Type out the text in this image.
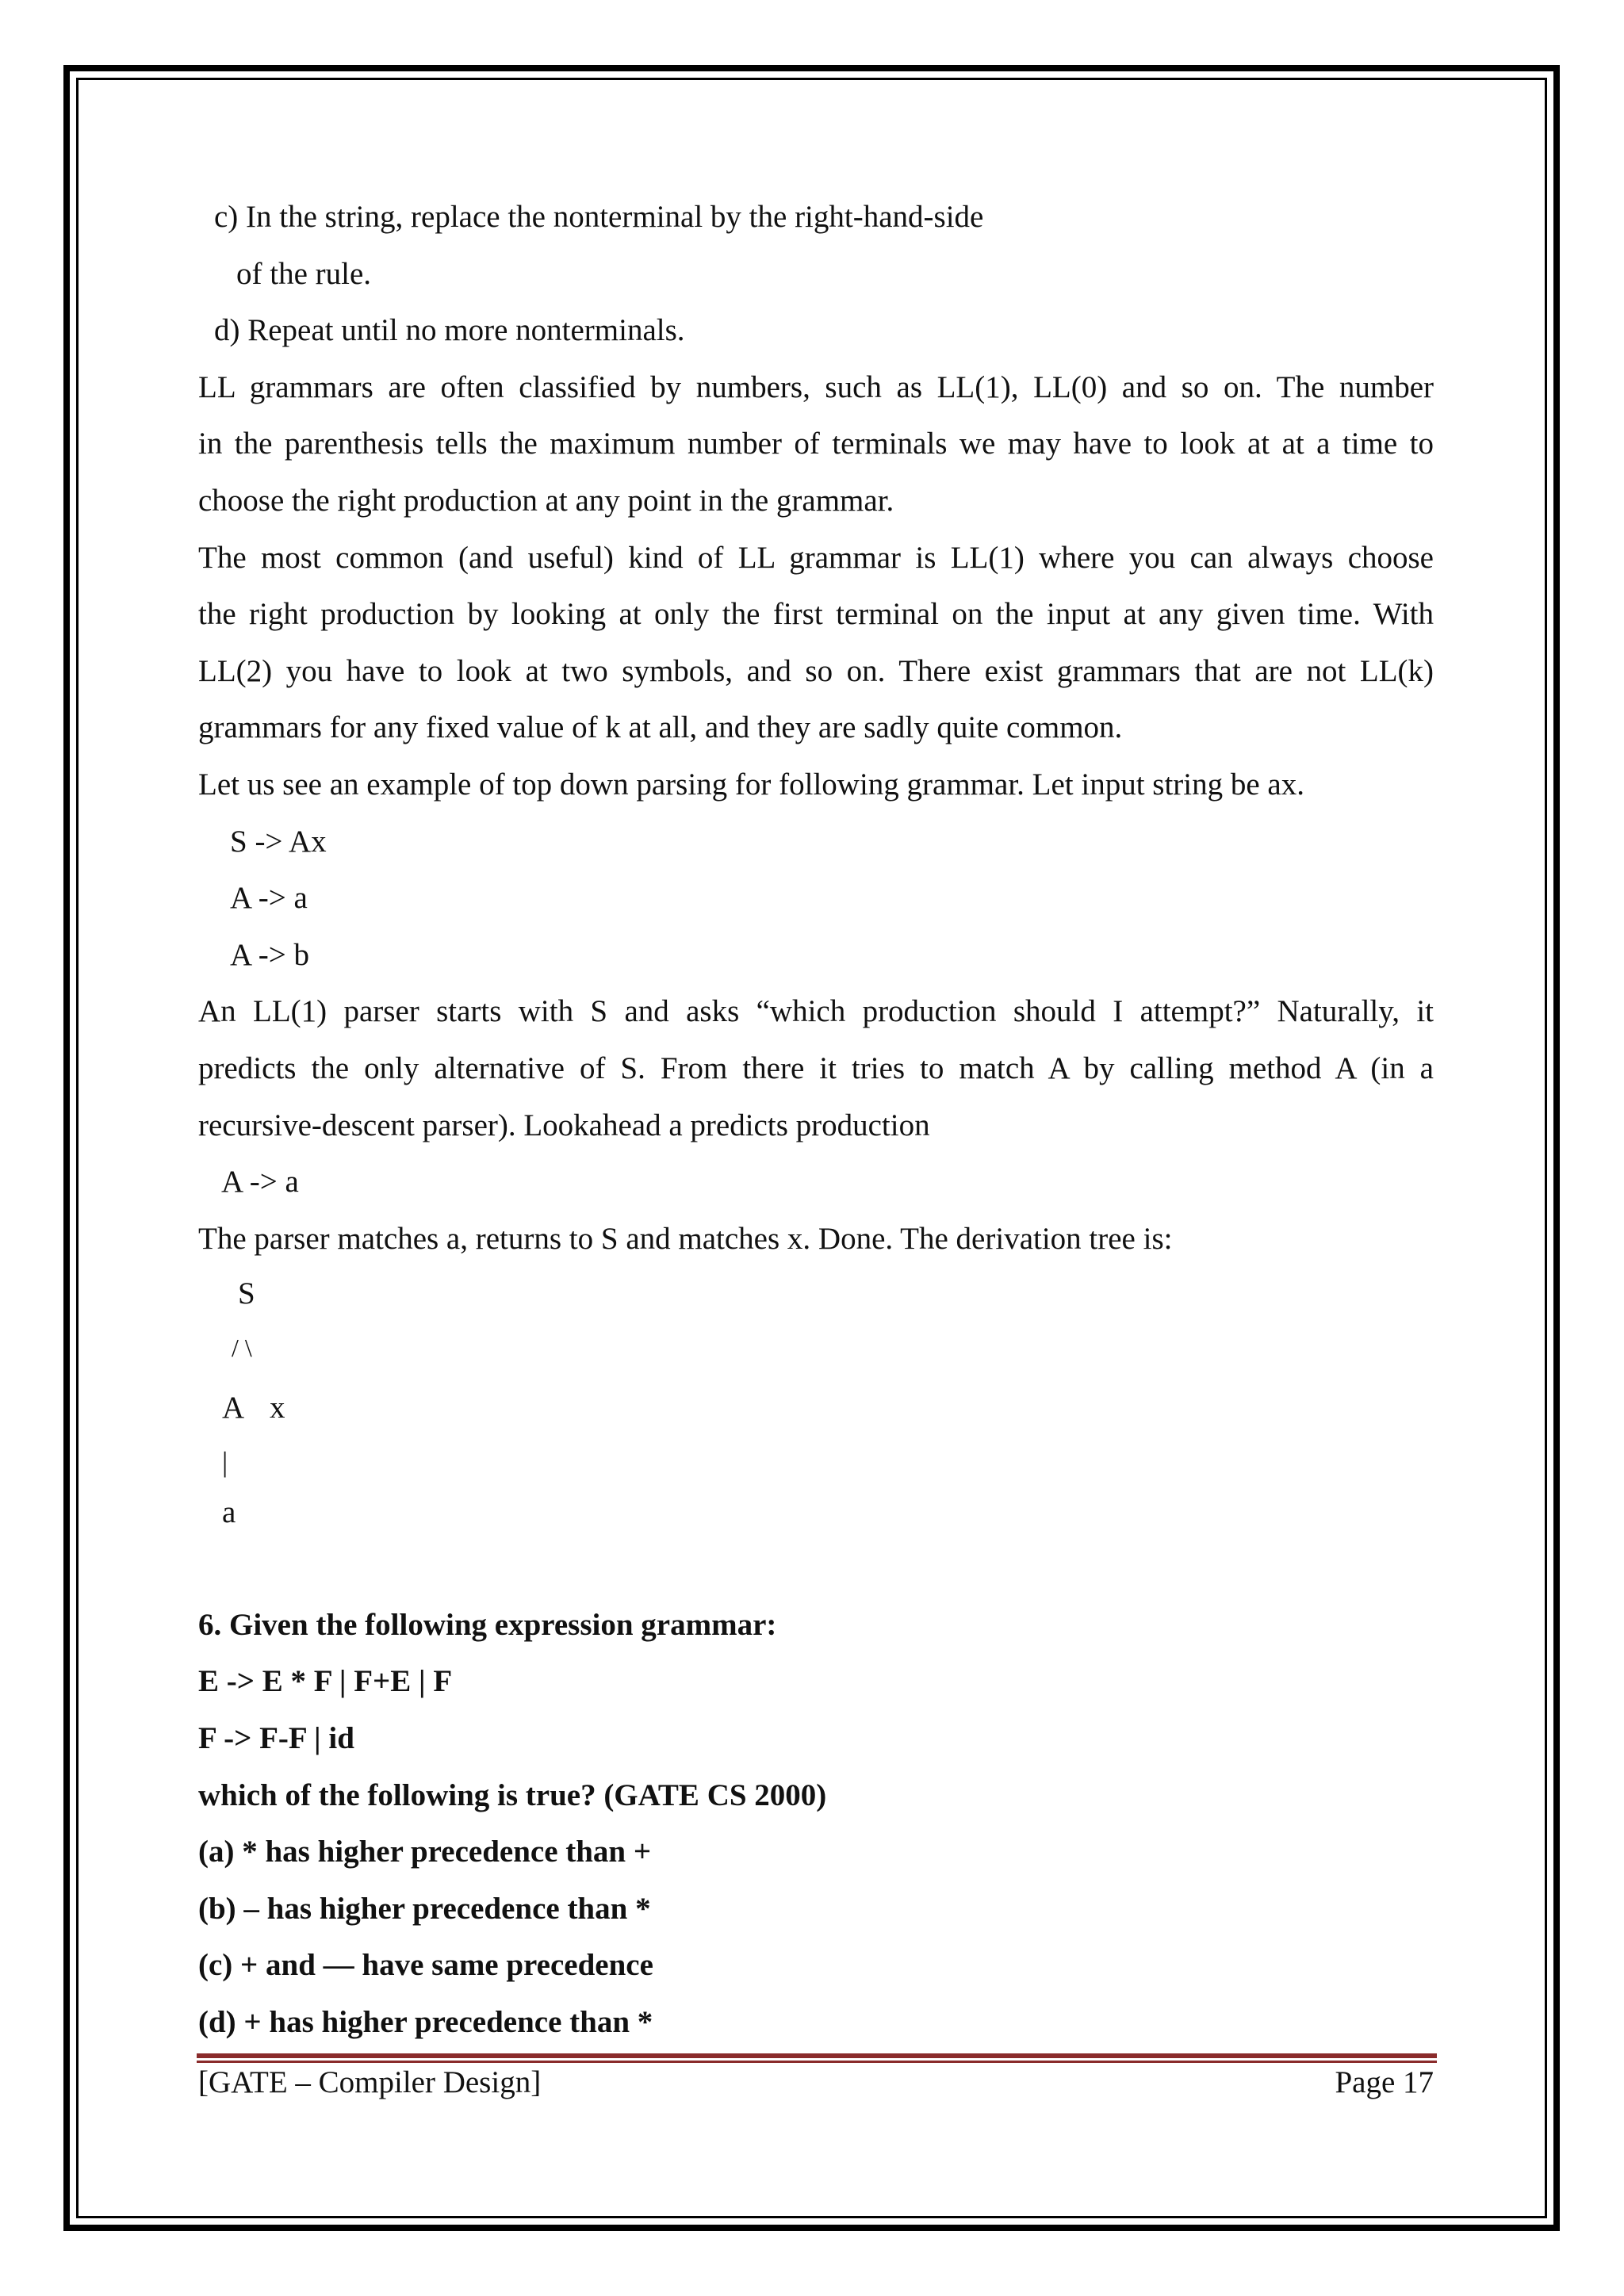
c) In the string, replace the nonterminal by the right-hand-side
of the rule.
d) Repeat until no more nonterminals.
LL grammars are often classified by numbers, such as LL(1), LL(0) and so on. The number
in the parenthesis tells the maximum number of terminals we may have to look at at a time to
choose the right production at any point in the grammar.
The most common (and useful) kind of LL grammar is LL(1) where you can always choose
the right production by looking at only the first terminal on the input at any given time. With
LL(2) you have to look at two symbols, and so on. There exist grammars that are not LL(k)
grammars for any fixed value of k at all, and they are sadly quite common.
Let us see an example of top down parsing for following grammar. Let input string be ax.
S -> Ax
A -> a
A -> b
An LL(1) parser starts with S and asks “which production should I attempt?” Naturally, it
predicts the only alternative of S. From there it tries to match A by calling method A (in a
recursive-descent parser). Lookahead a predicts production
A -> a
The parser matches a, returns to S and matches x. Done. The derivation tree is:
S
/ \
A x
|
a
6. Given the following expression grammar:
E -> E * F | F+E | F
F -> F-F | id
which of the following is true? (GATE CS 2000)
(a) * has higher precedence than +
(b) – has higher precedence than *
(c) + and — have same precedence
(d) + has higher precedence than *
[GATE – Compiler Design]	Page 17
